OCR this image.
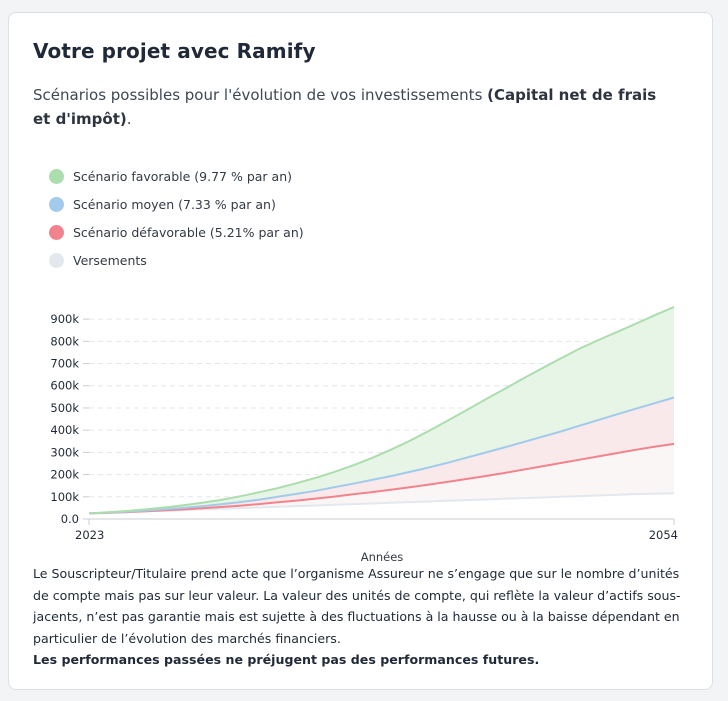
Votre projet avec Ramify
Scénarios possibles pour l'évolution de vos investissements (Capital net de frais et d'impôt).
Scénario favorable (9.77 % par an)
Scénario moyen (7.33 % par an)
Scénario défavorable (5.21% par an)
Versements
Années
0.0
100k
200k
300k
400k
500k
600k
700k
800k
900k
2023	2054
Le Souscripteur/Titulaire prend acte que l’organisme Assureur ne s’engage que sur le nombre d’unités de compte mais pas sur leur valeur. La valeur des unités de compte, qui reflète la valeur d’actifs sous-jacents, n’est pas garantie mais est sujette à des fluctuations à la hausse ou à la baisse dépendant en particulier de l’évolution des marchés financiers.
Les performances passées ne préjugent pas des performances futures.
